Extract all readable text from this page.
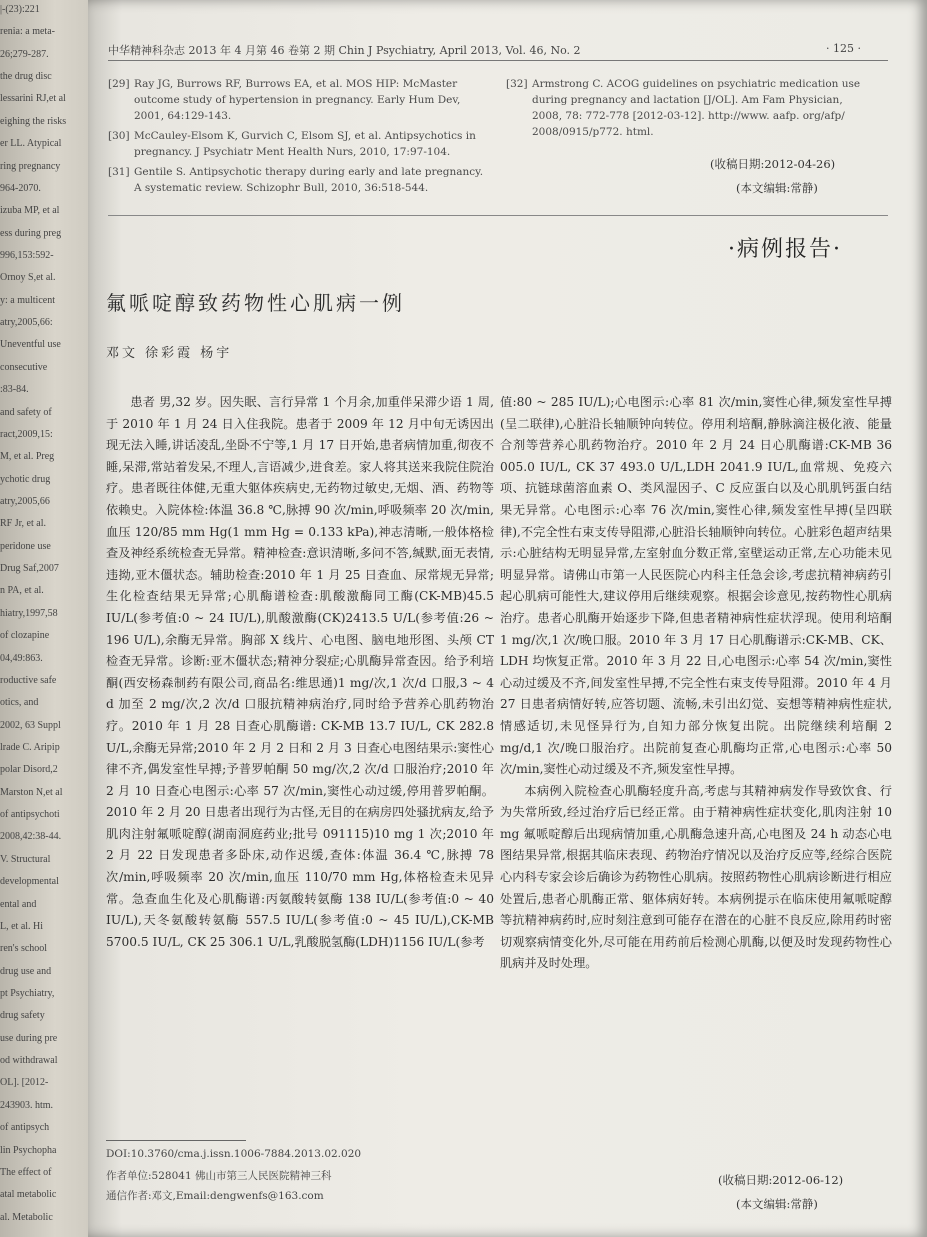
|-(23):221
renia: a meta-
26;279-287.
the drug disc
lessarini RJ,et al
eighing the risks
er LL. Atypical
ring pregnancy
964-2070.
izuba MP, et al
ess during preg
996,153:592-
Ornoy S,et al.
y: a multicent
atry,2005,66:
Uneventful use
consecutive
:83-84.
and safety of
ract,2009,15:
M, et al. Preg
ychotic drug
atry,2005,66
RF Jr, et al.
peridone use
Drug Saf,2007
n PA, et al.
hiatry,1997,58
of clozapine
04,49:863.
roductive safe
otics, and
2002, 63 Suppl
lrade C. Aripip
polar Disord,2
Marston N,et al
of antipsychoti
2008,42:38-44.
V. Structural
developmental
ental and
L, et al. Hi
ren's school
drug use and
pt Psychiatry,
drug safety
use during pre
od withdrawal
OL]. [2012-
243903. htm.
of antipsych
lin Psychopha
The effect of
atal metabolic
al. Metabolic
中华精神科杂志 2013 年 4 月第 46 卷第 2 期 Chin J Psychiatry, April 2013, Vol. 46, No. 2	· 125 ·
[29] Ray JG, Burrows RF, Burrows EA, et al. MOS HIP: McMaster
outcome study of hypertension in pregnancy. Early Hum Dev,
2001, 64:129-143.
[30] McCauley-Elsom K, Gurvich C, Elsom SJ, et al. Antipsychotics in
pregnancy. J Psychiatr Ment Health Nurs, 2010, 17:97-104.
[31] Gentile S. Antipsychotic therapy during early and late pregnancy.
A systematic review. Schizophr Bull, 2010, 36:518-544.
[32] Armstrong C. ACOG guidelines on psychiatric medication use
during pregnancy and lactation [J/OL]. Am Fam Physician,
2008, 78: 772-778 [2012-03-12]. http://www. aafp. org/afp/
2008/0915/p772. html.
(收稿日期:2012-04-26)
(本文编辑:常静)
·病例报告·
氟哌啶醇致药物性心肌病一例
邓文 徐彩霞 杨宇

患者 男,32 岁。因失眠、言行异常 1 个月余,加重伴呆滞少语 1 周,于 2010 年 1 月 24 日入住我院。患者于 2009 年 12 月中旬无诱因出现无法入睡,讲话凌乱,坐卧不宁等,1 月 17 日开始,患者病情加重,彻夜不睡,呆滞,常站着发呆,不理人,言语减少,进食差。家人将其送来我院住院治疗。患者既往体健,无重大躯体疾病史,无药物过敏史,无烟、酒、药物等依赖史。入院体检:体温 36.8 ℃,脉搏 90 次/min,呼吸频率 20 次/min,血压 120/85 mm Hg(1 mm Hg = 0.133 kPa),神志清晰,一般体格检查及神经系统检查无异常。精神检查:意识清晰,多问不答,缄默,面无表情,违拗,亚木僵状态。辅助检查:2010 年 1 月 25 日查血、尿常规无异常;生化检查结果无异常;心肌酶谱检查:肌酸激酶同工酶(CK-MB)45.5 IU/L(参考值:0 ~ 24 IU/L),肌酸激酶(CK)2413.5 U/L(参考值:26 ~ 196 U/L),余酶无异常。胸部 X 线片、心电图、脑电地形图、头颅 CT 检查无异常。诊断:亚木僵状态;精神分裂症;心肌酶异常查因。给予利培酮(西安杨森制药有限公司,商品名:维思通)1 mg/次,1 次/d 口服,3 ~ 4 d 加至 2 mg/次,2 次/d 口服抗精神病治疗,同时给予营养心肌药物治疗。2010 年 1 月 28 日查心肌酶谱: CK-MB 13.7 IU/L, CK 282.8 U/L,余酶无异常;2010 年 2 月 2 日和 2 月 3 日查心电图结果示:窦性心律不齐,偶发室性早搏;予普罗帕酮 50 mg/次,2 次/d 口服治疗;2010 年 2 月 10 日查心电图示:心率 57 次/min,窦性心动过缓,停用普罗帕酮。2010 年 2 月 20 日患者出现行为古怪,无目的在病房四处骚扰病友,给予肌肉注射氟哌啶醇(湖南洞庭药业;批号 091115)10 mg 1 次;2010 年 2 月 22 日发现患者多卧床,动作迟缓,查体:体温 36.4 ℃,脉搏 78 次/min,呼吸频率 20 次/min,血压 110/70 mm Hg,体格检查未见异常。急查血生化及心肌酶谱:丙氨酸转氨酶 138 IU/L(参考值:0 ~ 40 IU/L),天冬氨酸转氨酶 557.5 IU/L(参考值:0 ~ 45 IU/L),CK-MB 5700.5 IU/L, CK 25 306.1 U/L,乳酸脱氢酶(LDH)1156 IU/L(参考

值:80 ~ 285 IU/L);心电图示:心率 81 次/min,窦性心律,频发室性早搏(呈二联律),心脏沿长轴顺钟向转位。停用利培酮,静脉滴注极化液、能量合剂等营养心肌药物治疗。2010 年 2 月 24 日心肌酶谱:CK-MB 36 005.0 IU/L, CK 37 493.0 U/L,LDH 2041.9 IU/L,血常规、免疫六项、抗链球菌溶血素 O、类风湿因子、C 反应蛋白以及心肌肌钙蛋白结果无异常。心电图示:心率 76 次/min,窦性心律,频发室性早搏(呈四联律),不完全性右束支传导阻滞,心脏沿长轴顺钟向转位。心脏彩色超声结果示:心脏结构无明显异常,左室射血分数正常,室壁运动正常,左心功能未见明显异常。请佛山市第一人民医院心内科主任急会诊,考虑抗精神病药引起心肌病可能性大,建议停用后继续观察。根据会诊意见,按药物性心肌病治疗。患者心肌酶开始逐步下降,但患者精神病性症状浮现。使用利培酮 1 mg/次,1 次/晚口服。2010 年 3 月 17 日心肌酶谱示:CK-MB、CK、LDH 均恢复正常。2010 年 3 月 22 日,心电图示:心率 54 次/min,窦性心动过缓及不齐,间发室性早搏,不完全性右束支传导阻滞。2010 年 4 月 27 日患者病情好转,应答切题、流畅,未引出幻觉、妄想等精神病性症状,情感适切,未见怪异行为,自知力部分恢复出院。出院继续利培酮 2 mg/d,1 次/晚口服治疗。出院前复查心肌酶均正常,心电图示:心率 50 次/min,窦性心动过缓及不齐,频发室性早搏。

本病例入院检查心肌酶轻度升高,考虑与其精神病发作导致饮食、行为失常所致,经过治疗后已经正常。由于精神病性症状变化,肌肉注射 10 mg 氟哌啶醇后出现病情加重,心肌酶急速升高,心电图及 24 h 动态心电图结果异常,根据其临床表现、药物治疗情况以及治疗反应等,经综合医院心内科专家会诊后确诊为药物性心肌病。按照药物性心肌病诊断进行相应处置后,患者心肌酶正常、躯体病好转。本病例提示在临床使用氟哌啶醇等抗精神病药时,应时刻注意到可能存在潜在的心脏不良反应,除用药时密切观察病情变化外,尽可能在用药前后检测心肌酶,以便及时发现药物性心肌病并及时处理。

(收稿日期:2012-06-12)
(本文编辑:常静)
DOI:10.3760/cma.j.issn.1006-7884.2013.02.020
作者单位:528041 佛山市第三人民医院精神三科
通信作者:邓文,Email:dengwenfs@163.com
